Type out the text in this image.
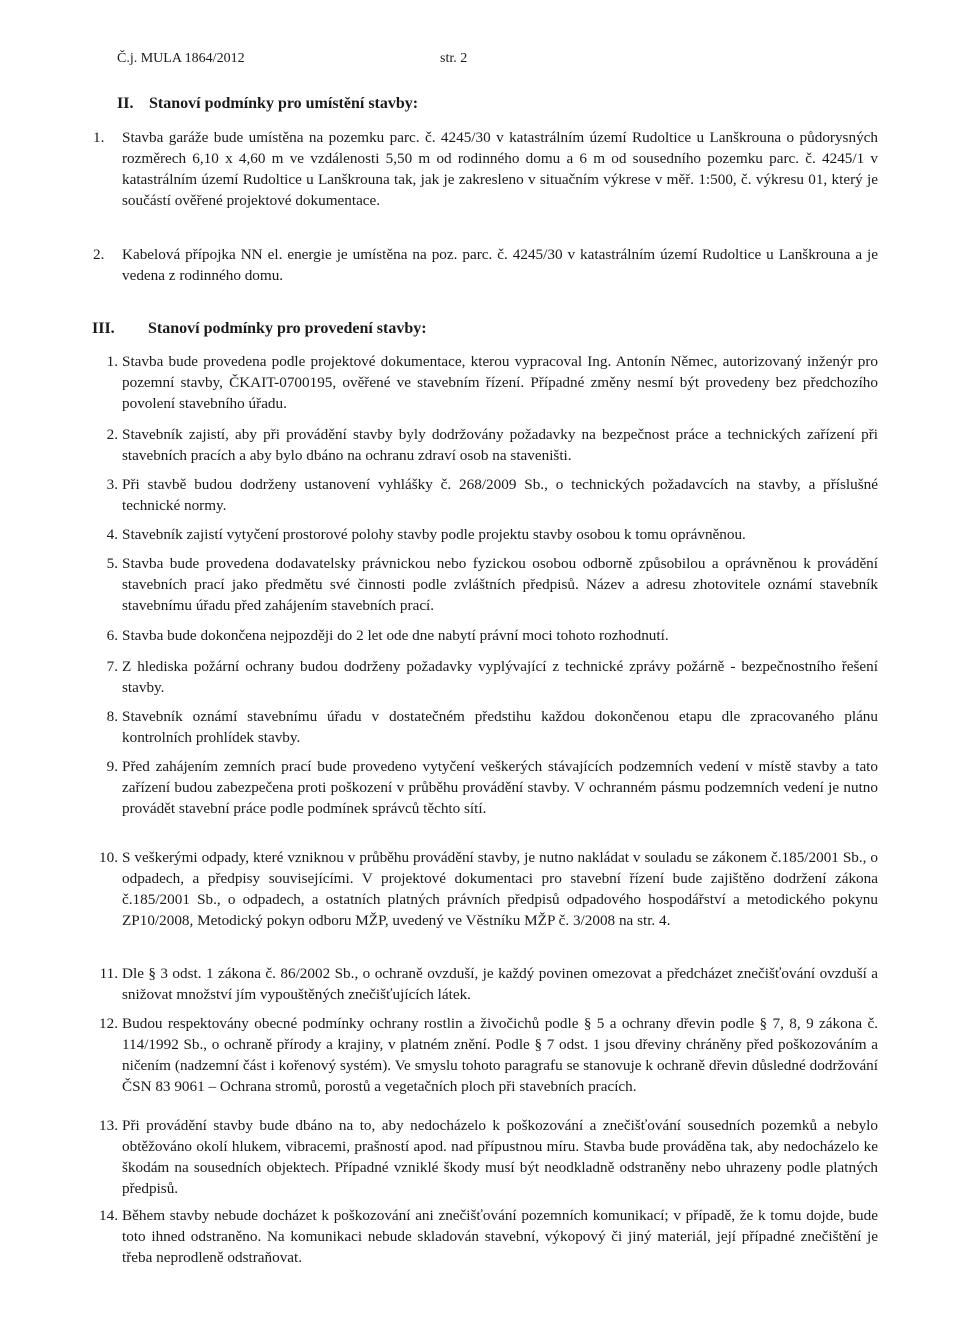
Č.j. MULA 1864/2012	str. 2
II. Stanoví podmínky pro umístění stavby:
1. Stavba garáže bude umístěna na pozemku parc. č. 4245/30 v katastrálním území Rudoltice u Lanškrouna o půdorysných rozměrech 6,10 x 4,60 m ve vzdálenosti 5,50 m od rodinného domu a 6 m od sousedního pozemku parc. č. 4245/1 v katastrálním území Rudoltice u Lanškrouna tak, jak je zakresleno v situačním výkrese v měř. 1:500, č. výkresu 01, který je součástí ověřené projektové dokumentace.
2. Kabelová přípojka NN el. energie je umístěna na poz. parc. č. 4245/30 v katastrálním území Rudoltice u Lanškrouna a je vedena z rodinného domu.
III. Stanoví podmínky pro provedení stavby:
1. Stavba bude provedena podle projektové dokumentace, kterou vypracoval Ing. Antonín Němec, autorizovaný inženýr pro pozemní stavby, ČKAIT-0700195, ověřené ve stavebním řízení. Případné změny nesmí být provedeny bez předchozího povolení stavebního úřadu.
2. Stavebník zajistí, aby při provádění stavby byly dodržovány požadavky na bezpečnost práce a technických zařízení při stavebních pracích a aby bylo dbáno na ochranu zdraví osob na staveništi.
3. Při stavbě budou dodrženy ustanovení vyhlášky č. 268/2009 Sb., o technických požadavcích na stavby, a příslušné technické normy.
4. Stavebník zajistí vytyčení prostorové polohy stavby podle projektu stavby osobou k tomu oprávněnou.
5. Stavba bude provedena dodavatelsky právnickou nebo fyzickou osobou odborně způsobilou a oprávněnou k provádění stavebních prací jako předmětu své činnosti podle zvláštních předpisů. Název a adresu zhotovitele oznámí stavebník stavebnímu úřadu před zahájením stavebních prací.
6. Stavba bude dokončena nejpozději do 2 let ode dne nabytí právní moci tohoto rozhodnutí.
7. Z hlediska požární ochrany budou dodrženy požadavky vyplývající z technické zprávy požárně - bezpečnostního řešení stavby.
8. Stavebník oznámí stavebnímu úřadu v dostatečném předstihu každou dokončenou etapu dle zpracovaného plánu kontrolních prohlídek stavby.
9. Před zahájením zemních prací bude provedeno vytyčení veškerých stávajících podzemních vedení v místě stavby a tato zařízení budou zabezpečena proti poškození v průběhu provádění stavby. V ochranném pásmu podzemních vedení je nutno provádět stavební práce podle podmínek správců těchto sítí.
10. S veškerými odpady, které vzniknou v průběhu provádění stavby, je nutno nakládat v souladu se zákonem č.185/2001 Sb., o odpadech, a předpisy souvisejícími. V projektové dokumentaci pro stavební řízení bude zajištěno dodržení zákona č.185/2001 Sb., o odpadech, a ostatních platných právních předpisů odpadového hospodářství a metodického pokynu ZP10/2008, Metodický pokyn odboru MŽP, uvedený ve Věstníku MŽP č. 3/2008 na str. 4.
11. Dle § 3 odst. 1 zákona č. 86/2002 Sb., o ochraně ovzduší, je každý povinen omezovat a předcházet znečišťování ovzduší a snižovat množství jím vypouštěných znečišťujících látek.
12. Budou respektovány obecné podmínky ochrany rostlin a živočichů podle § 5 a ochrany dřevin podle § 7, 8, 9 zákona č. 114/1992 Sb., o ochraně přírody a krajiny, v platném znění. Podle § 7 odst. 1 jsou dřeviny chráněny před poškozováním a ničením (nadzemní část i kořenový systém). Ve smyslu tohoto paragrafu se stanovuje k ochraně dřevin důsledné dodržování ČSN 83 9061 – Ochrana stromů, porostů a vegetačních ploch při stavebních pracích.
13. Při provádění stavby bude dbáno na to, aby nedocházelo k poškozování a znečišťování sousedních pozemků a nebylo obtěžováno okolí hlukem, vibracemi, prašností apod. nad přípustnou míru. Stavba bude prováděna tak, aby nedocházelo ke škodám na sousedních objektech. Případné vzniklé škody musí být neodkladně odstraněny nebo uhrazeny podle platných předpisů.
14. Během stavby nebude docházet k poškozování ani znečišťování pozemních komunikací; v případě, že k tomu dojde, bude toto ihned odstraněno. Na komunikaci nebude skladován stavební, výkopový či jiný materiál, její případné znečištění je třeba neprodleně odstraňovat.
